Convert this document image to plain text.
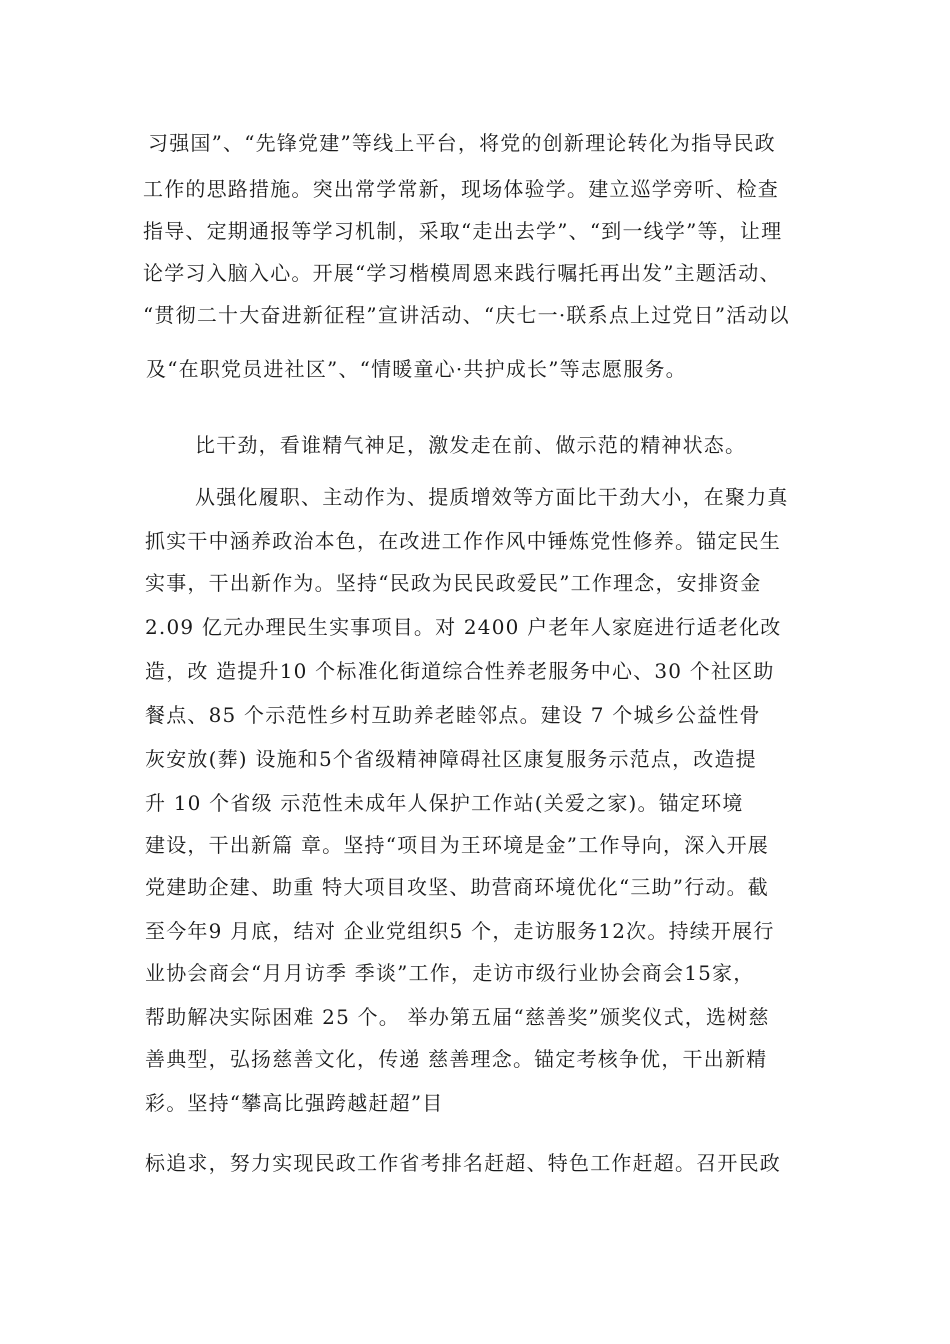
习强国”、“先锋党建”等线上平台，将党的创新理论转化为指导民政
工作的思路措施。突出常学常新，现场体验学。建立巡学旁听、检查
指导、定期通报等学习机制，采取“走出去学”、“到一线学”等，让理
论学习入脑入心。开展“学习楷模周恩来践行嘱托再出发”主题活动、
“贯彻二十大奋进新征程”宣讲活动、“庆七一·联系点上过党日”活动以
及“在职党员进社区”、“情暖童心·共护成长”等志愿服务。
比干劲，看谁精气神足，激发走在前、做示范的精神状态。
从强化履职、主动作为、提质增效等方面比干劲大小，在聚力真
抓实干中涵养政治本色，在改进工作作风中锤炼党性修养。锚定民生
实事，干出新作为。坚持“民政为民民政爱民”工作理念，安排资金
2.09 亿元办理民生实事项目。对 2400 户老年人家庭进行适老化改
造，改 造提升10 个标准化街道综合性养老服务中心、30 个社区助
餐点、85 个示范性乡村互助养老睦邻点。建设 7 个城乡公益性骨
灰安放(葬) 设施和5个省级精神障碍社区康复服务示范点，改造提
升 10 个省级 示范性未成年人保护工作站(关爱之家)。锚定环境
建设，干出新篇 章。坚持“项目为王环境是金”工作导向，深入开展
党建助企建、助重 特大项目攻坚、助营商环境优化“三助”行动。截
至今年9 月底，结对 企业党组织5 个，走访服务12次。持续开展行
业协会商会“月月访季 季谈”工作，走访市级行业协会商会15家，
帮助解决实际困难 25 个。 举办第五届“慈善奖”颁奖仪式，选树慈
善典型，弘扬慈善文化，传递 慈善理念。锚定考核争优，干出新精
彩。坚持“攀高比强跨越赶超”目
标追求，努力实现民政工作省考排名赶超、特色工作赶超。召开民政
